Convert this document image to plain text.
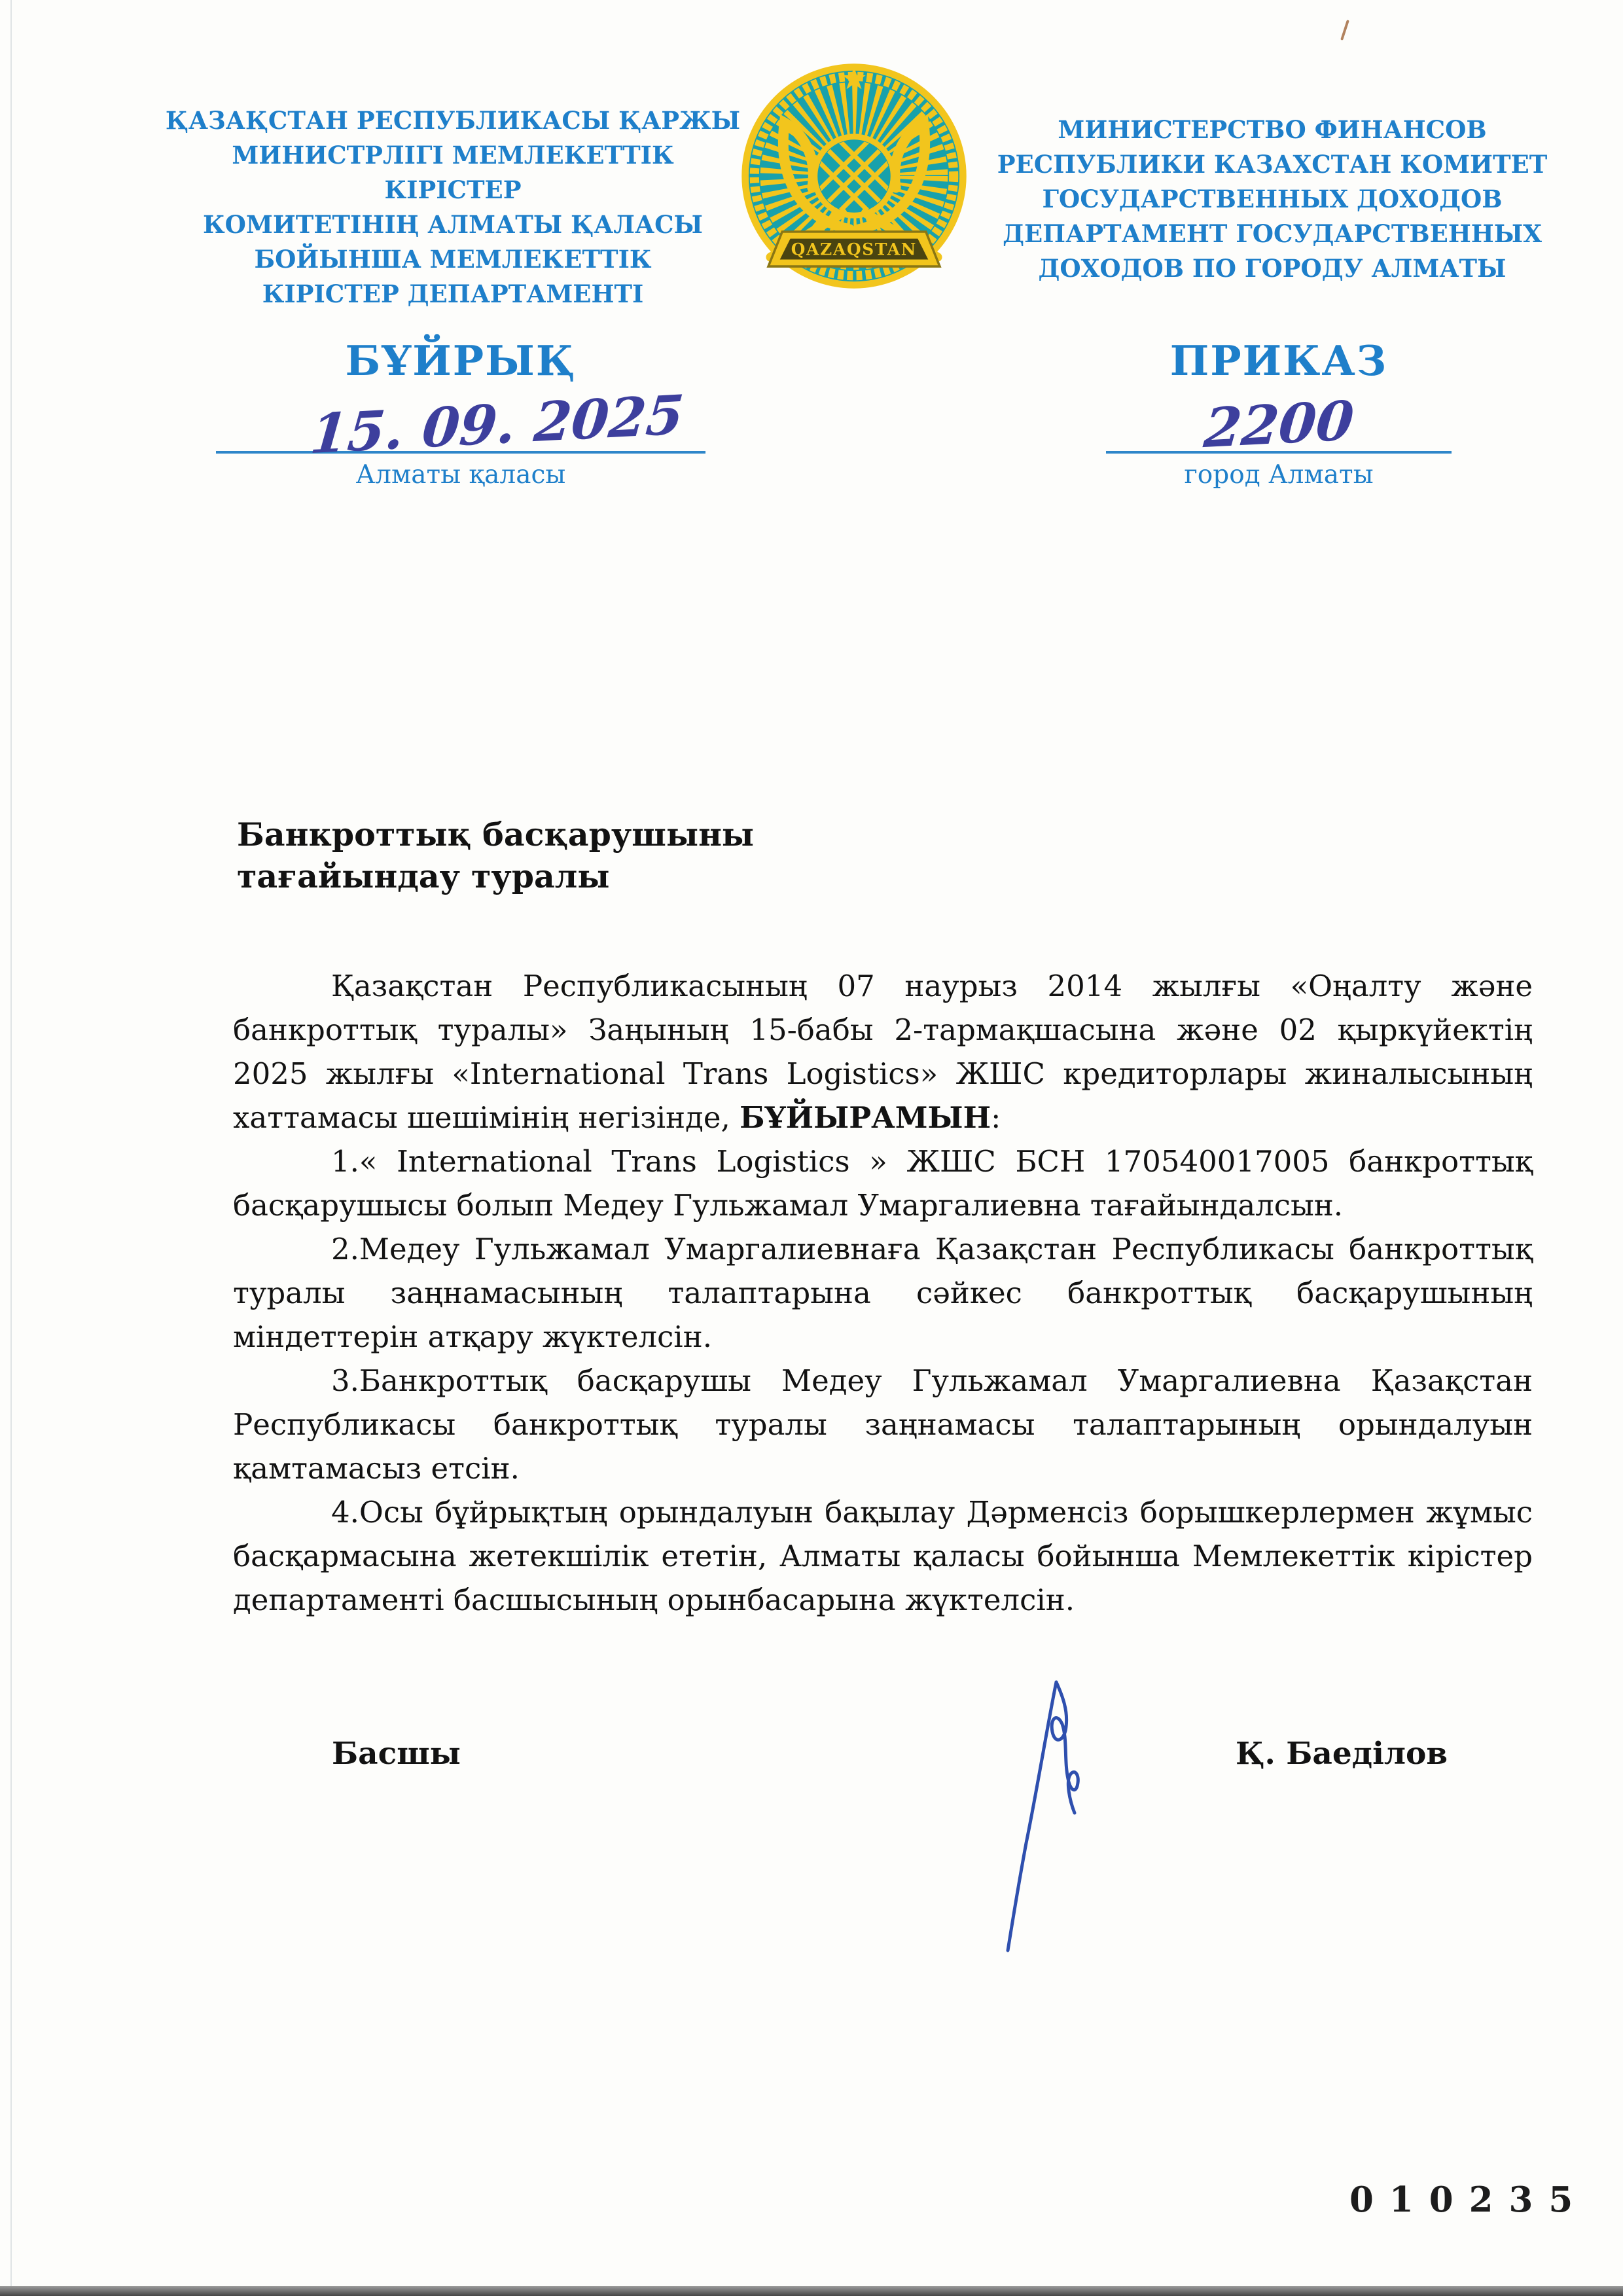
ҚАЗАҚСТАН РЕСПУБЛИКАСЫ ҚАРЖЫ
МИНИСТРЛІГІ МЕМЛЕКЕТТІК КІРІСТЕР
КОМИТЕТІНІҢ АЛМАТЫ ҚАЛАСЫ
БОЙЫНША МЕМЛЕКЕТТІК
КІРІСТЕР ДЕПАРТАМЕНТІ
QAZAQSTAN
МИНИСТЕРСТВО ФИНАНСОВ
РЕСПУБЛИКИ КАЗАХСТАН КОМИТЕТ
ГОСУДАРСТВЕННЫХ ДОХОДОВ
ДЕПАРТАМЕНТ ГОСУДАРСТВЕННЫХ
ДОХОДОВ ПО ГОРОДУ АЛМАТЫ
БҰЙРЫҚ
15. 09. 2025
Алматы қаласы
ПРИКАЗ
2200
город Алматы
Банкроттық басқарушыны
тағайындау туралы

Қазақстан Республикасының 07 наурыз 2014 жылғы «Оңалту және банкроттық туралы» Заңының 15-бабы 2-тармақшасына және 02 қыркүйектің 2025 жылғы «International Trans Logistics» ЖШС кредиторлары жиналысының хаттамасы шешімінің негізінде, БҰЙЫРАМЫН:

1.« International Trans Logistics » ЖШС БСН 170540017005 банкроттық басқарушысы болып Медеу Гульжамал Умаргалиевна тағайындалсын.

2.Медеу Гульжамал Умаргалиевнаға Қазақстан Республикасы банкроттық туралы заңнамасының талаптарына сәйкес банкроттық басқарушының міндеттерін атқару жүктелсін.

3.Банкроттық басқарушы Медеу Гульжамал Умаргалиевна Қазақстан Республикасы банкроттық туралы заңнамасы талаптарының орындалуын қамтамасыз етсін.

4.Осы бұйрықтың орындалуын бақылау Дәрменсіз борышкерлермен жұмыс басқармасына жетекшілік ететін, Алматы қаласы бойынша Мемлекеттік кірістер департаменті басшысының орынбасарына жүктелсін.

Басшы	Қ. Баеділов
010235
